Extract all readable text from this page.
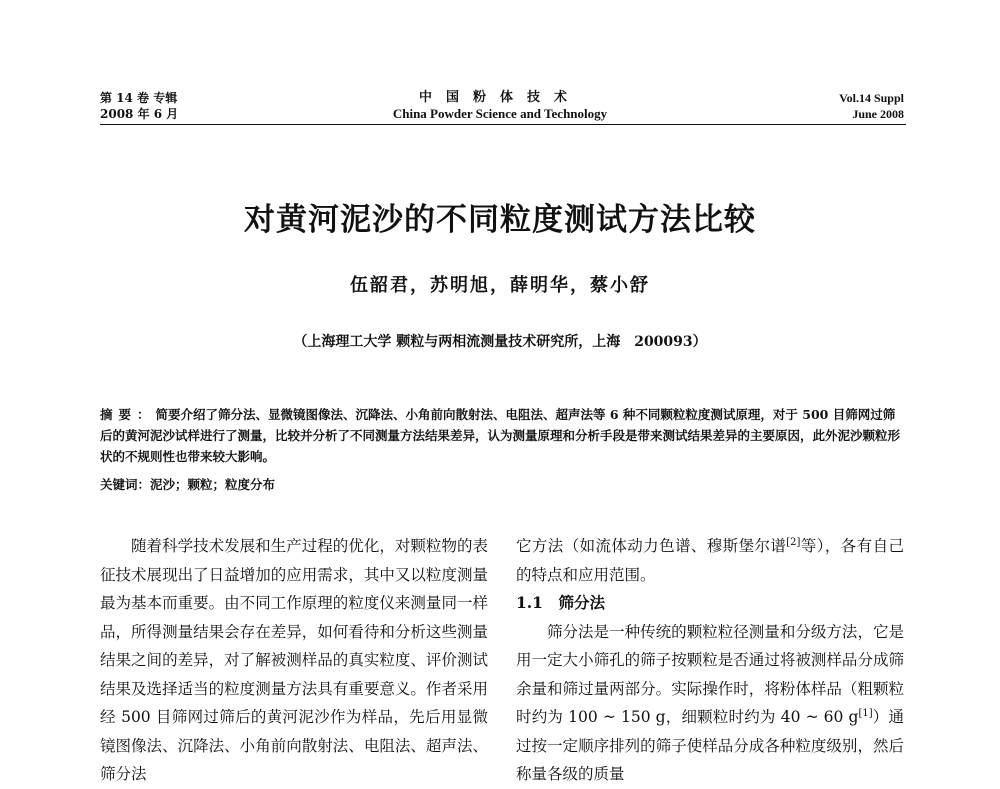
第 14 卷 专辑
2008 年 6 月
中国粉体技术
China Powder Science and Technology
Vol.14 Suppl
June 2008
对黄河泥沙的不同粒度测试方法比较
伍韶君，苏明旭，薛明华，蔡小舒
（上海理工大学 颗粒与两相流测量技术研究所，上海　200093）
摘要：简要介绍了筛分法、显微镜图像法、沉降法、小角前向散射法、电阻法、超声法等 6 种不同颗粒粒度测试原理，对于 500 目筛网过筛后的黄河泥沙试样进行了测量，比较并分析了不同测量方法结果差异，认为测量原理和分析手段是带来测试结果差异的主要原因，此外泥沙颗粒形状的不规则性也带来较大影响。
关键词：泥沙；颗粒；粒度分布

随着科学技术发展和生产过程的优化，对颗粒物的表征技术展现出了日益增加的应用需求，其中又以粒度测量最为基本而重要。由不同工作原理的粒度仪来测量同一样品，所得测量结果会存在差异，如何看待和分析这些测量结果之间的差异，对了解被测样品的真实粒度、评价测试结果及选择适当的粒度测量方法具有重要意义。作者采用经 500 目筛网过筛后的黄河泥沙作为样品，先后用显微镜图像法、沉降法、小角前向散射法、电阻法、超声法、筛分法

它方法（如流体动力色谱、穆斯堡尔谱[2]等），各有自己的特点和应用范围。

1.1　筛分法

筛分法是一种传统的颗粒粒径测量和分级方法，它是用一定大小筛孔的筛子按颗粒是否通过将被测样品分成筛余量和筛过量两部分。实际操作时，将粉体样品（粗颗粒时约为 100 ~ 150 g，细颗粒时约为 40 ~ 60 g[1]）通过按一定顺序排列的筛子使样品分成各种粒度级别，然后称量各级的质量
